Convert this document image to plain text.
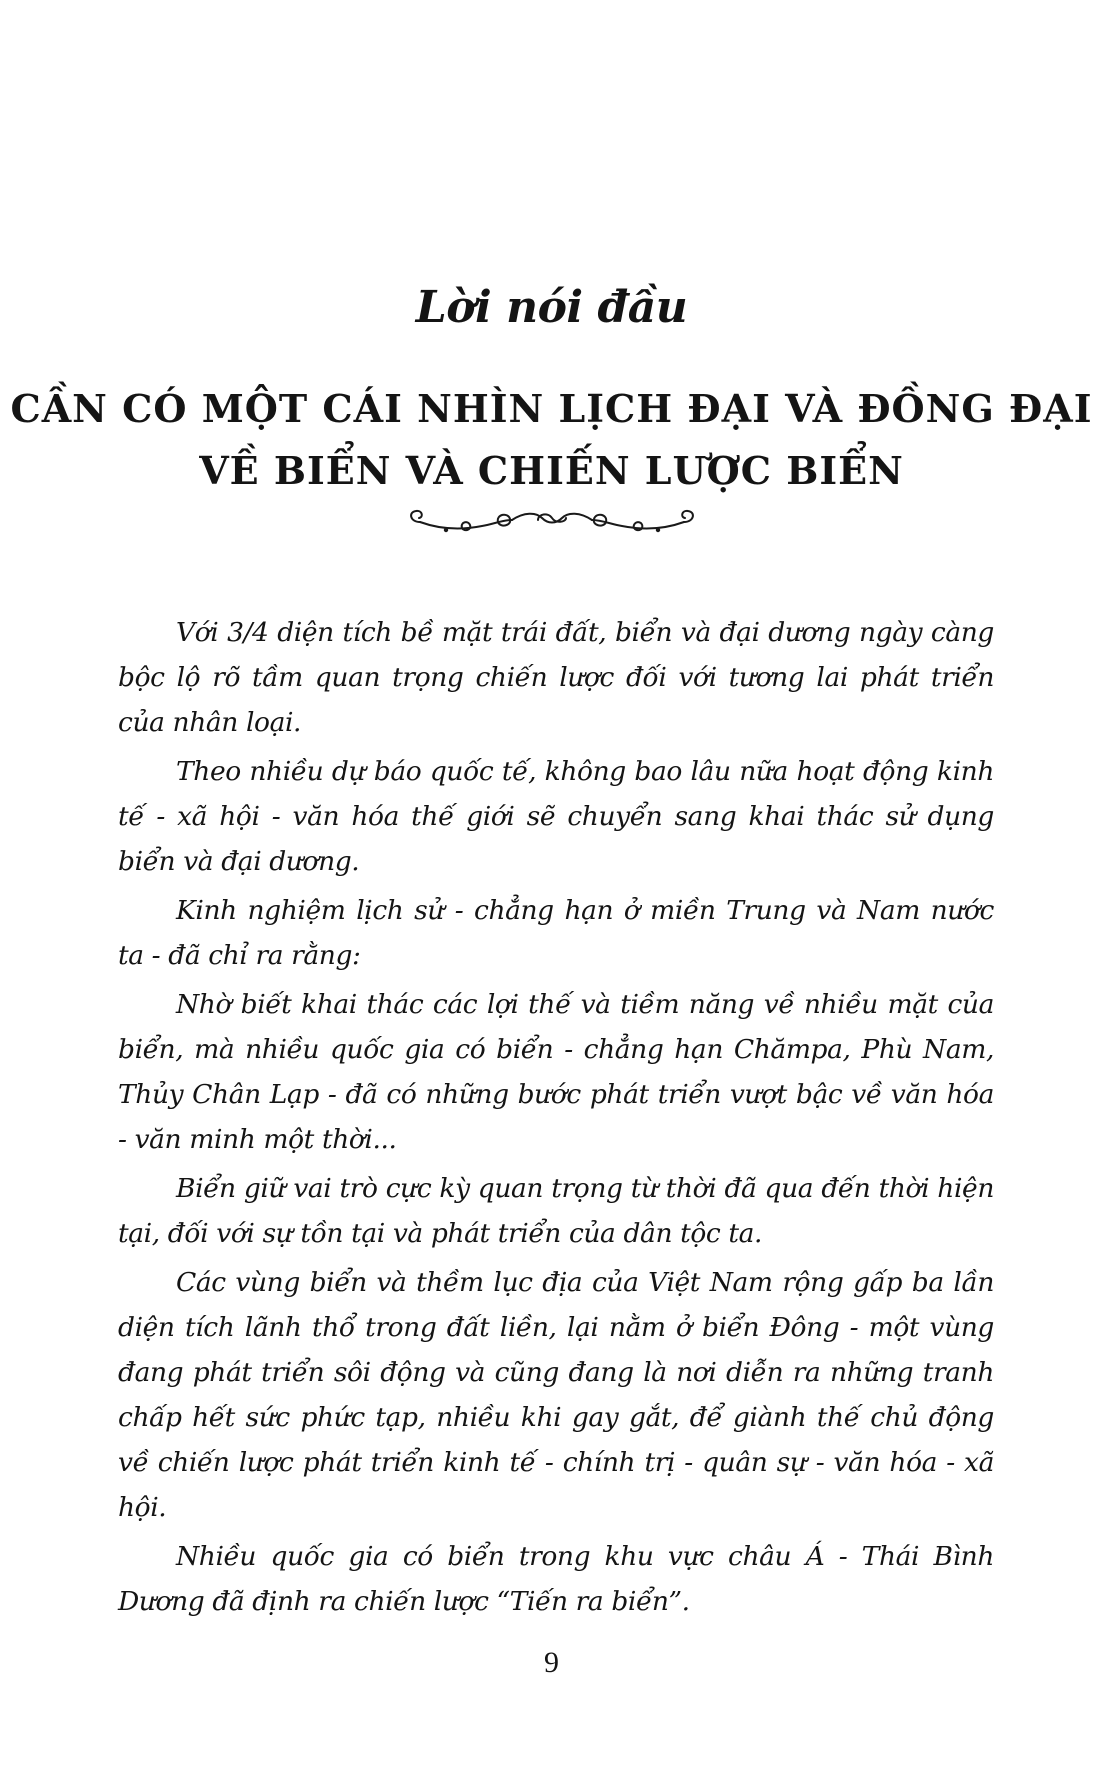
Lời nói đầu
CẦN CÓ MỘT CÁI NHÌN LỊCH ĐẠI VÀ ĐỒNG ĐẠI
VỀ BIỂN VÀ CHIẾN LƯỢC BIỂN

Với 3/4 diện tích bề mặt trái đất, biển và đại dương ngày càng bộc lộ rõ tầm quan trọng chiến lược đối với tương lai phát triển của nhân loại.

Theo nhiều dự báo quốc tế, không bao lâu nữa hoạt động kinh tế - xã hội - văn hóa thế giới sẽ chuyển sang khai thác sử dụng biển và đại dương.

Kinh nghiệm lịch sử - chẳng hạn ở miền Trung và Nam nước ta - đã chỉ ra rằng:

Nhờ biết khai thác các lợi thế và tiềm năng về nhiều mặt của biển, mà nhiều quốc gia có biển - chẳng hạn Chămpa, Phù Nam, Thủy Chân Lạp - đã có những bước phát triển vượt bậc về văn hóa - văn minh một thời...

Biển giữ vai trò cực kỳ quan trọng từ thời đã qua đến thời hiện tại, đối với sự tồn tại và phát triển của dân tộc ta.

Các vùng biển và thềm lục địa của Việt Nam rộng gấp ba lần diện tích lãnh thổ trong đất liền, lại nằm ở biển Đông - một vùng đang phát triển sôi động và cũng đang là nơi diễn ra những tranh chấp hết sức phức tạp, nhiều khi gay gắt, để giành thế chủ động về chiến lược phát triển kinh tế - chính trị - quân sự - văn hóa - xã hội.

Nhiều quốc gia có biển trong khu vực châu Á - Thái Bình Dương đã định ra chiến lược “Tiến ra biển”.

9
